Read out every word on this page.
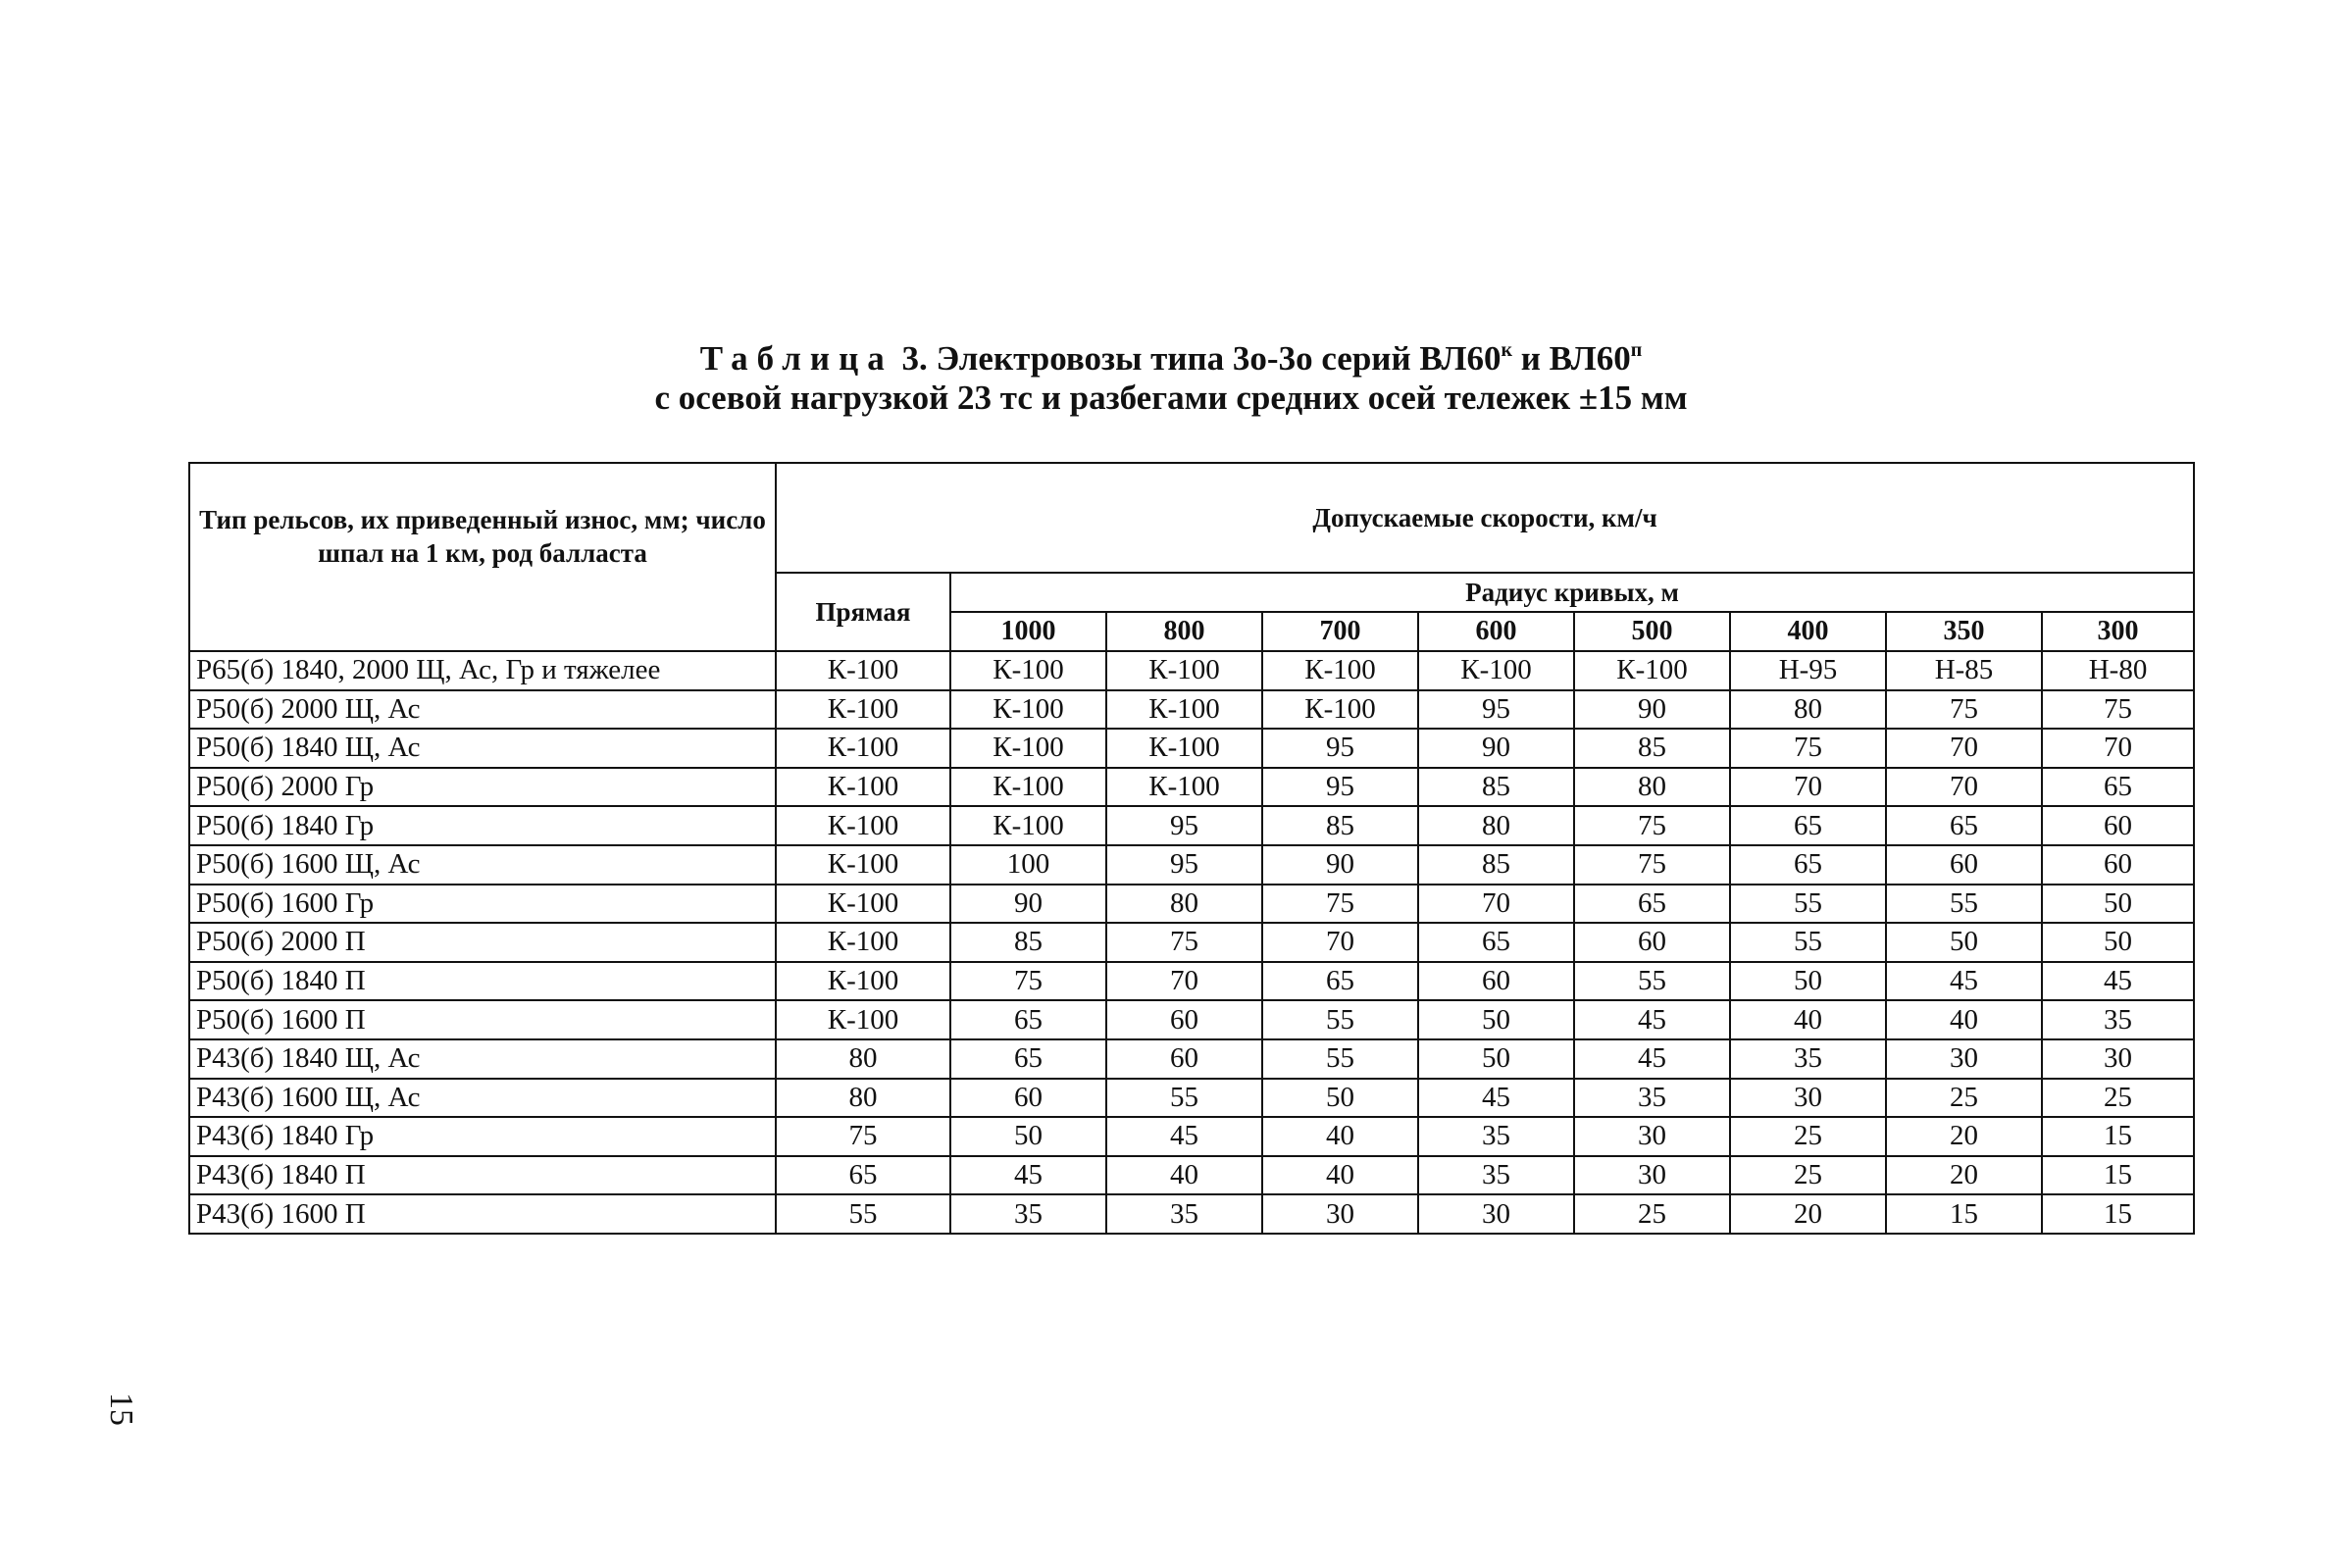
Таблица 3. Электровозы типа 3о-3о серий $ВЛ60^к$ и $ВЛ60^п$
с осевой нагрузкой 23 тс и разбегами средних осей тележек ±15 мм
Тип рельсов, их приведенный износ, мм; число шпал на 1 км, род балласта	Допускаемые скорости, км/ч								
	Прямая	Радиус кривых, м							
		1000	800	700	600	500	400	350	300
Р65(б) 1840, 2000 Щ, Ас, Гр и тяжелее	К-100	К-100	К-100	К-100	К-100	К-100	Н-95	Н-85	Н-80
Р50(б) 2000 Щ, Ас	К-100	К-100	К-100	К-100	95	90	80	75	75
Р50(б) 1840 Щ, Ас	К-100	К-100	К-100	95	90	85	75	70	70
Р50(б) 2000 Гр	К-100	К-100	К-100	95	85	80	70	70	65
Р50(б) 1840 Гр	К-100	К-100	95	85	80	75	65	65	60
Р50(б) 1600 Щ, Ас	К-100	100	95	90	85	75	65	60	60
Р50(б) 1600 Гр	К-100	90	80	75	70	65	55	55	50
Р50(б) 2000 П	К-100	85	75	70	65	60	55	50	50
Р50(б) 1840 П	К-100	75	70	65	60	55	50	45	45
Р50(б) 1600 П	К-100	65	60	55	50	45	40	40	35
Р43(б) 1840 Щ, Ас	80	65	60	55	50	45	35	30	30
Р43(б) 1600 Щ, Ас	80	60	55	50	45	35	30	25	25
Р43(б) 1840 Гр	75	50	45	40	35	30	25	20	15
Р43(б) 1840 П	65	45	40	40	35	30	25	20	15
Р43(б) 1600 П	55	35	35	30	30	25	20	15	15
15
